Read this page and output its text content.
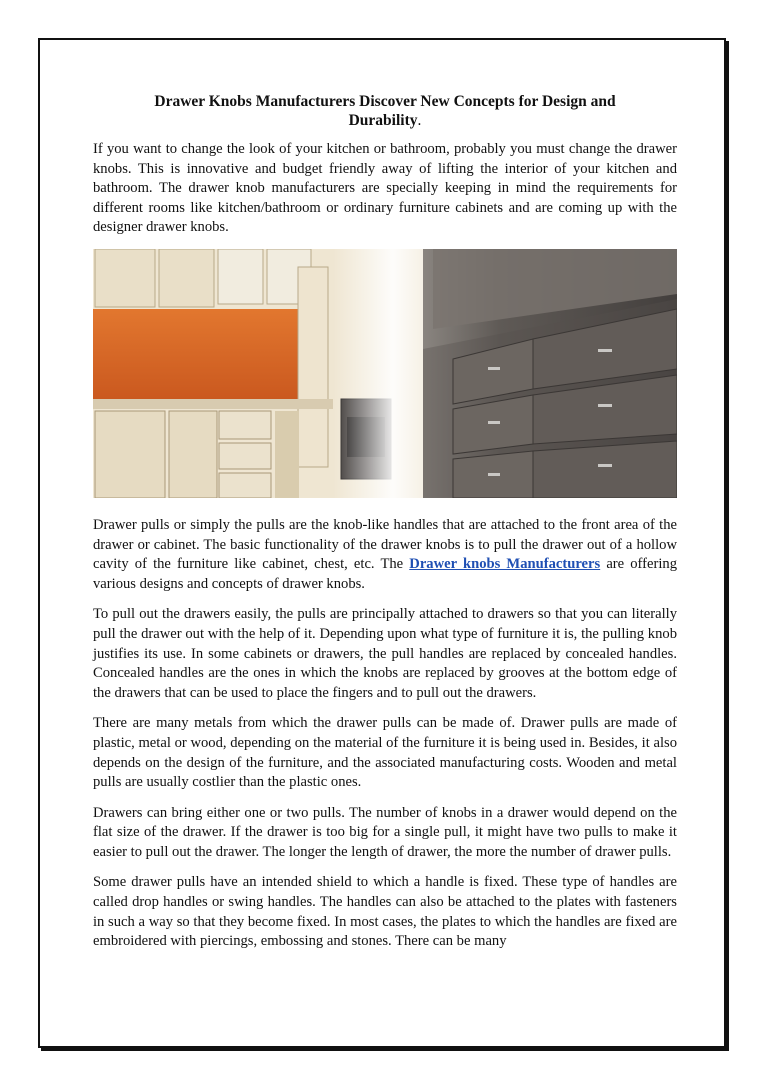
Drawer Knobs Manufacturers Discover New Concepts for Design and Durability.

If you want to change the look of your kitchen or bathroom, probably you must change the drawer knobs. This is innovative and budget friendly away of lifting the interior of your kitchen and bathroom. The drawer knob manufacturers are specially keeping in mind the requirements for different rooms like kitchen/bathroom or ordinary furniture cabinets and are coming up with the designer drawer knobs.

Drawer pulls or simply the pulls are the knob-like handles that are attached to the front area of the drawer or cabinet. The basic functionality of the drawer knobs is to pull the drawer out of a hollow cavity of the furniture like cabinet, chest, etc. The Drawer knobs Manufacturers are offering various designs and concepts of drawer knobs.

To pull out the drawers easily, the pulls are principally attached to drawers so that you can literally pull the drawer out with the help of it. Depending upon what type of furniture it is, the pulling knob justifies its use. In some cabinets or drawers, the pull handles are replaced by concealed handles. Concealed handles are the ones in which the knobs are replaced by grooves at the bottom edge of the drawers that can be used to place the fingers and to pull out the drawers.

There are many metals from which the drawer pulls can be made of. Drawer pulls are made of plastic, metal or wood, depending on the material of the furniture it is being used in. Besides, it also depends on the design of the furniture, and the associated manufacturing costs. Wooden and metal pulls are usually costlier than the plastic ones.

Drawers can bring either one or two pulls. The number of knobs in a drawer would depend on the flat size of the drawer. If the drawer is too big for a single pull, it might have two pulls to make it easier to pull out the drawer. The longer the length of drawer, the more the number of drawer pulls.

Some drawer pulls have an intended shield to which a handle is fixed. These type of handles are called drop handles or swing handles. The handles can also be attached to the plates with fasteners in such a way so that they become fixed. In most cases, the plates to which the handles are fixed are embroidered with piercings, embossing and stones. There can be many
